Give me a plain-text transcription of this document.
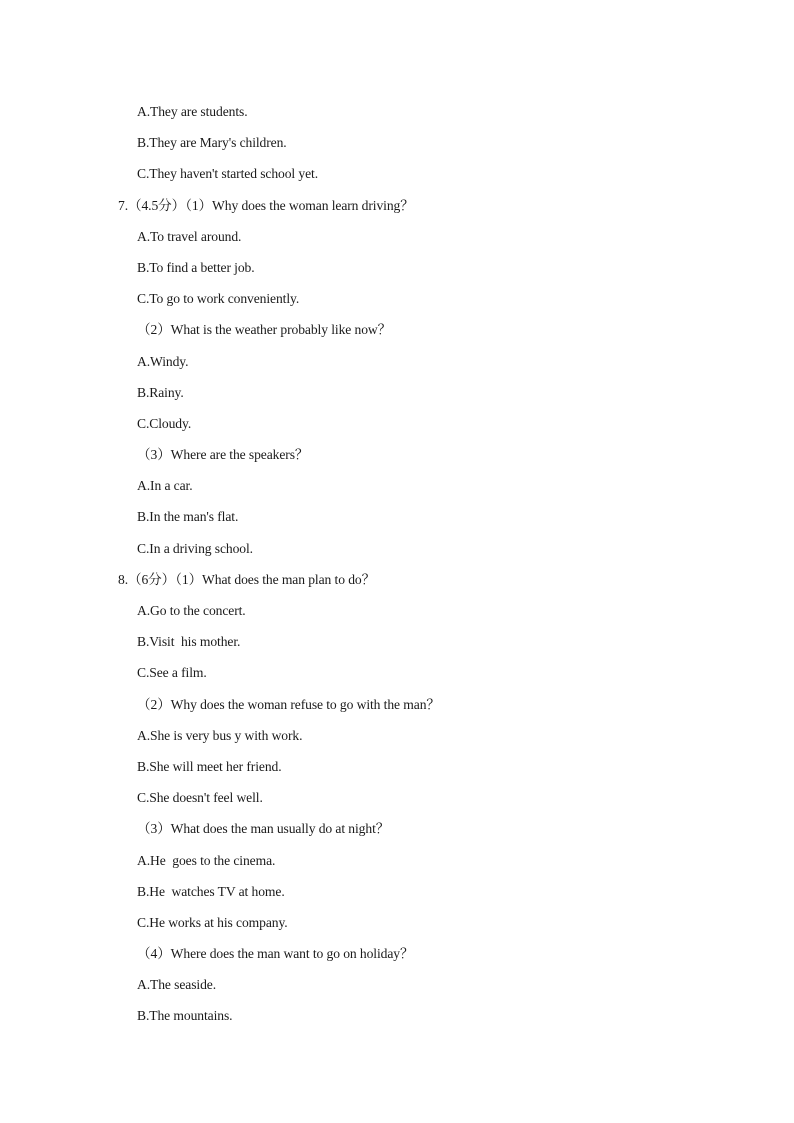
A.They are students.
B.They are Mary's children.
C.They haven't started school yet.
7.（4.5分）（1）Why does the woman learn driving？
A.To travel around.
B.To find a better job.
C.To go to work conveniently.
（2）What is the weather probably like now？
A.Windy.
B.Rainy.
C.Cloudy.
（3）Where are the speakers？
A.In a car.
B.In the man's flat.
C.In a driving school.
8.（6分）（1）What does the man plan to do？
A.Go to the concert.
B.Visit  his mother.
C.See a film.
（2）Why does the woman refuse to go with the man？
A.She is very bus y with work.
B.She will meet her friend.
C.She doesn't feel well.
（3）What does the man usually do at night？
A.He  goes to the cinema.
B.He  watches TV at home.
C.He works at his company.
（4）Where does the man want to go on holiday？
A.The seaside.
B.The mountains.
